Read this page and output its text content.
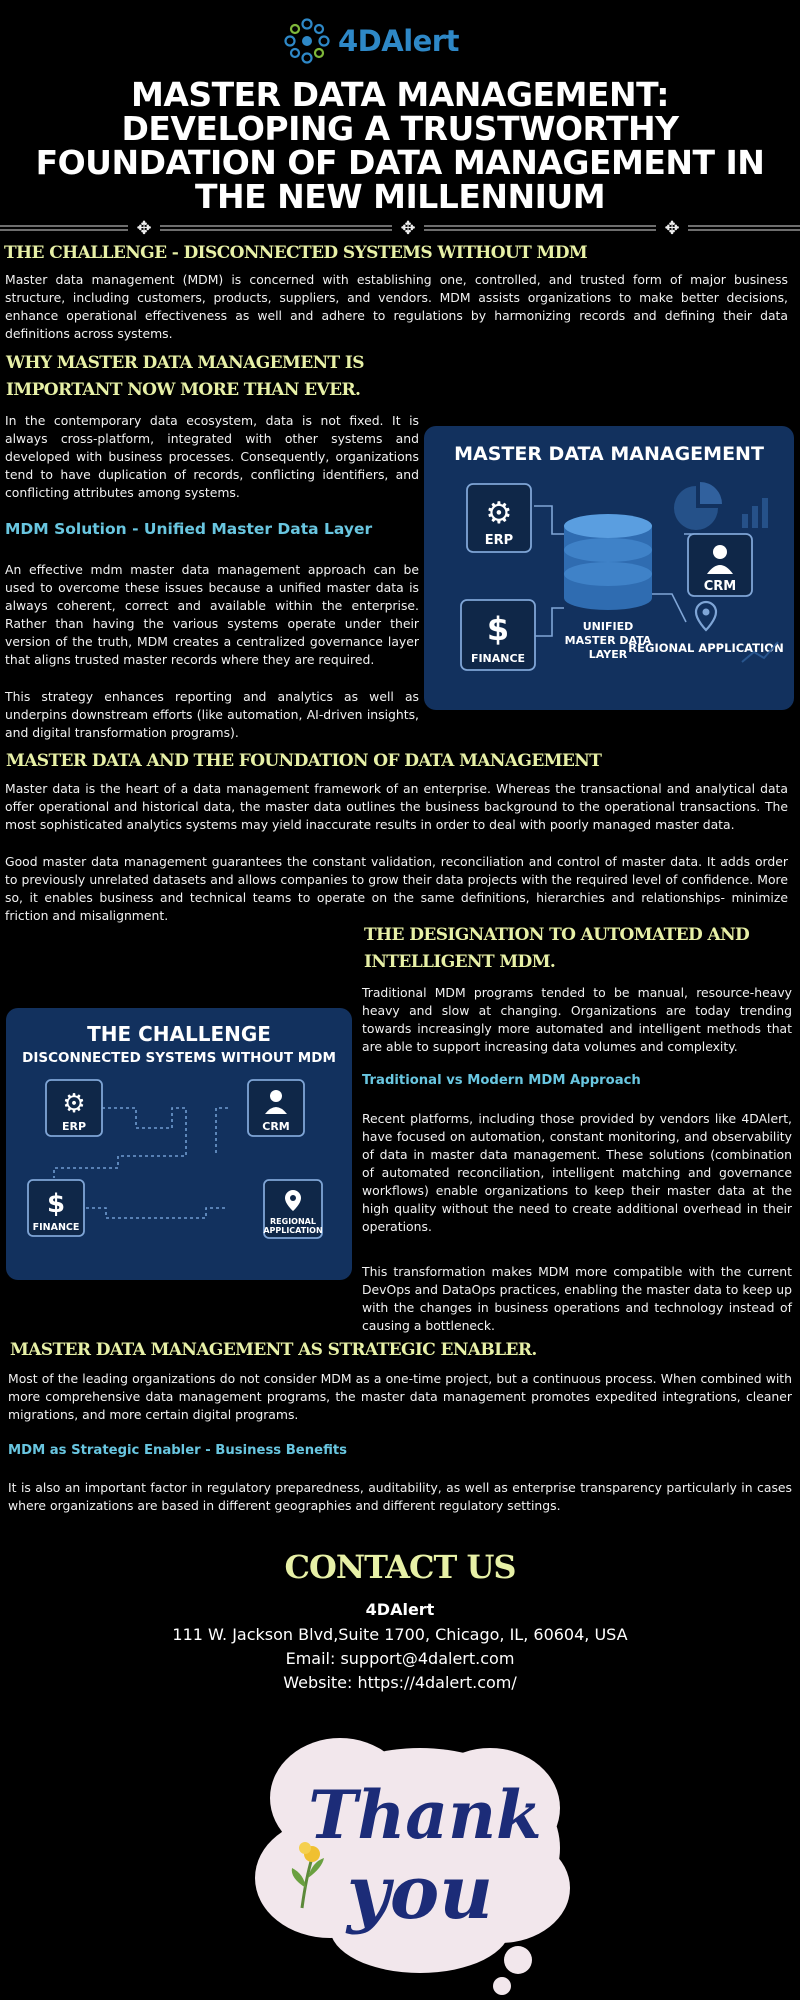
4DAlert
MASTER DATA MANAGEMENT: DEVELOPING A TRUSTWORTHY FOUNDATION OF DATA MANAGEMENT IN THE NEW MILLENNIUM
✥	✥	✥
THE CHALLENGE - DISCONNECTED SYSTEMS WITHOUT MDM

Master data management (MDM) is concerned with establishing one, controlled, and trusted form of major business structure, including customers, products, suppliers, and vendors. MDM assists organizations to make better decisions, enhance operational effectiveness as well and adhere to regulations by harmonizing records and defining their data definitions across systems.

WHY MASTER DATA MANAGEMENT IS IMPORTANT NOW MORE THAN EVER.

In the contemporary data ecosystem, data is not fixed. It is always cross-platform, integrated with other systems and developed with business processes. Consequently, organizations tend to have duplication of records, conflicting identifiers, and conflicting attributes among systems.

MDM Solution - Unified Master Data Layer

An effective mdm master data management approach can be used to overcome these issues because a unified master data is always coherent, correct and available within the enterprise. Rather than having the various systems operate under their version of the truth, MDM creates a centralized governance layer that aligns trusted master records where they are required.

This strategy enhances reporting and analytics as well as underpins downstream efforts (like automation, AI-driven insights, and digital transformation programs).

MASTER DATA MANAGEMENT
⚙
ERP
$
FINANCE
UNIFIED
MASTER DATA
LAYER
CRM
REGIONAL APPLICATION
MASTER DATA AND THE FOUNDATION OF DATA MANAGEMENT

Master data is the heart of a data management framework of an enterprise. Whereas the transactional and analytical data offer operational and historical data, the master data outlines the business background to the operational transactions. The most sophisticated analytics systems may yield inaccurate results in order to deal with poorly managed master data.

Good master data management guarantees the constant validation, reconciliation and control of master data. It adds order to previously unrelated datasets and allows companies to grow their data projects with the required level of confidence. More so, it enables business and technical teams to operate on the same definitions, hierarchies and relationships- minimize friction and misalignment.

THE DESIGNATION TO AUTOMATED AND INTELLIGENT MDM.

Traditional MDM programs tended to be manual, resource-heavy heavy and slow at changing. Organizations are today trending towards increasingly more automated and intelligent methods that are able to support increasing data volumes and complexity.

Traditional vs Modern MDM Approach

Recent platforms, including those provided by vendors like 4DAlert, have focused on automation, constant monitoring, and observability of data in master data management. These solutions (combination of automated reconciliation, intelligent matching and governance workflows) enable organizations to keep their master data at the high quality without the need to create additional overhead in their operations.

This transformation makes MDM more compatible with the current DevOps and DataOps practices, enabling the master data to keep up with the changes in business operations and technology instead of causing a bottleneck.

THE CHALLENGE
DISCONNECTED SYSTEMS WITHOUT MDM
⚙
ERP	CRM
$
FINANCE
REGIONAL
APPLICATION
MASTER DATA MANAGEMENT AS STRATEGIC ENABLER.

Most of the leading organizations do not consider MDM as a one-time project, but a continuous process. When combined with more comprehensive data management programs, the master data management promotes expedited integrations, cleaner migrations, and more certain digital programs.

MDM as Strategic Enabler - Business Benefits

It is also an important factor in regulatory preparedness, auditability, as well as enterprise transparency particularly in cases where organizations are based in different geographies and different regulatory settings.

CONTACT US

4DAlert

111 W. Jackson Blvd,Suite 1700, Chicago, IL, 60604, USA

Email: support@4dalert.com

Website: https://4dalert.com/

Thank
you
